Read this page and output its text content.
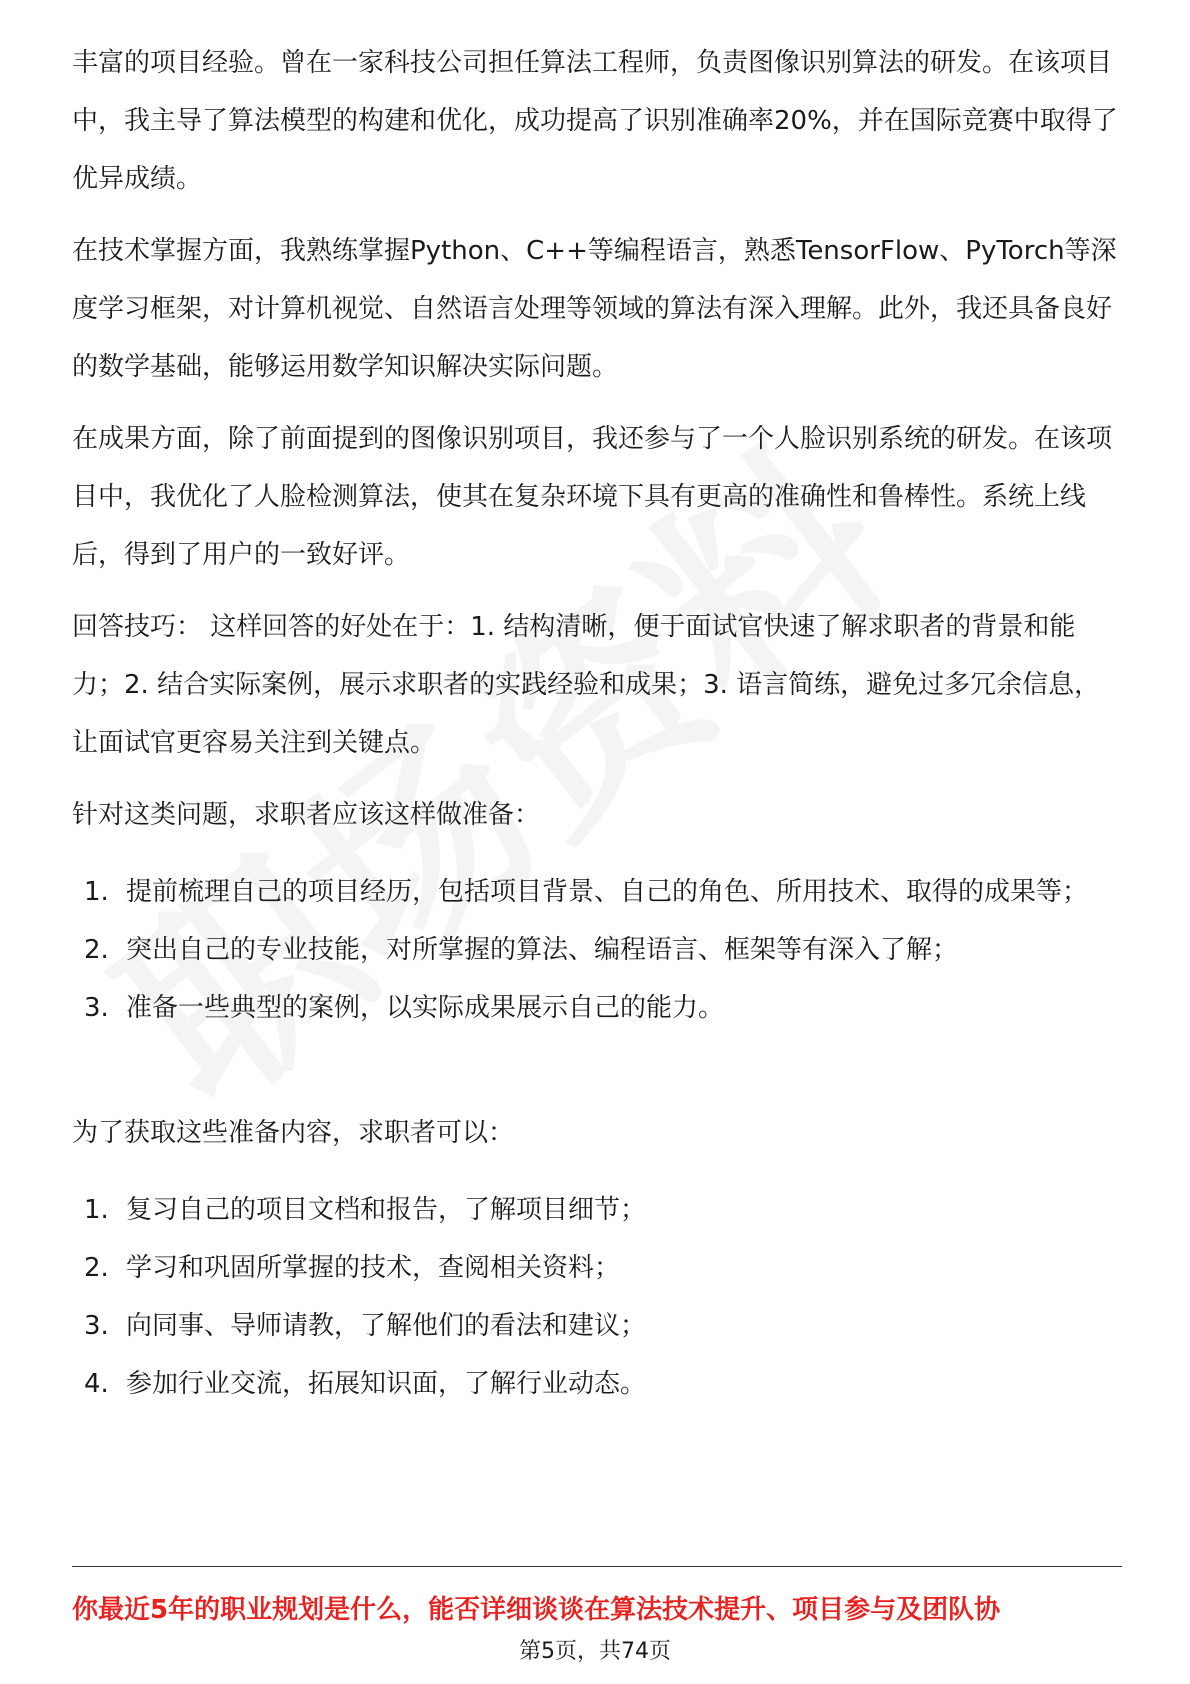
丰富的项目经验。曾在一家科技公司担任算法工程师，负责图像识别算法的研发。在该项目中，我主导了算法模型的构建和优化，成功提高了识别准确率20%，并在国际竞赛中取得了优异成绩。

在技术掌握方面，我熟练掌握Python、C++等编程语言，熟悉TensorFlow、PyTorch等深度学习框架，对计算机视觉、自然语言处理等领域的算法有深入理解。此外，我还具备良好的数学基础，能够运用数学知识解决实际问题。

在成果方面，除了前面提到的图像识别项目，我还参与了一个人脸识别系统的研发。在该项目中，我优化了人脸检测算法，使其在复杂环境下具有更高的准确性和鲁棒性。系统上线后，得到了用户的一致好评。

回答技巧： 这样回答的好处在于：1. 结构清晰，便于面试官快速了解求职者的背景和能力；2. 结合实际案例，展示求职者的实践经验和成果；3. 语言简练，避免过多冗余信息，让面试官更容易关注到关键点。

针对这类问题，求职者应该这样做准备：

1. 提前梳理自己的项目经历，包括项目背景、自己的角色、所用技术、取得的成果等；
2. 突出自己的专业技能，对所掌握的算法、编程语言、框架等有深入了解；
3. 准备一些典型的案例，以实际成果展示自己的能力。

为了获取这些准备内容，求职者可以：

1. 复习自己的项目文档和报告，了解项目细节；
2. 学习和巩固所掌握的技术，查阅相关资料；
3. 向同事、导师请教，了解他们的看法和建议；
4. 参加行业交流，拓展知识面，了解行业动态。
你最近5年的职业规划是什么，能否详细谈谈在算法技术提升、项目参与及团队协
第5页，共74页
